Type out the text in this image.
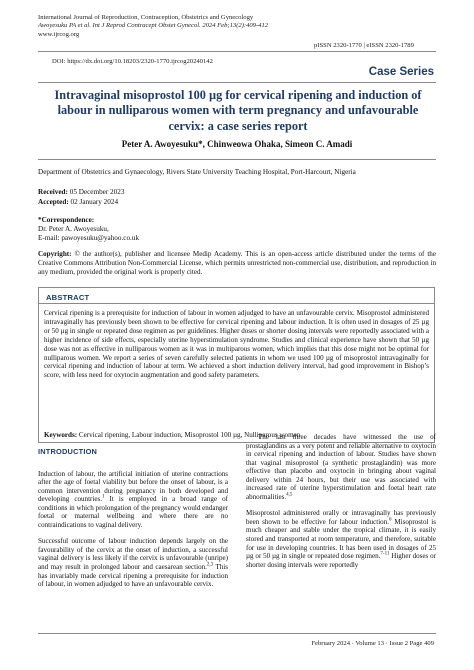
International Journal of Reproduction, Contraception, Obstetrics and Gynecology
Awoyesuku PA et al. Int J Reprod Contracept Obstet Gynecol. 2024 Feb;13(2):409-412
www.ijrcog.org
pISSN 2320-1770 | eISSN 2320-1789
DOI: https://dx.doi.org/10.18203/2320-1770.ijrcog20240142
Case Series
Intravaginal misoprostol 100 µg for cervical ripening and induction of labour in nulliparous women with term pregnancy and unfavourable cervix: a case series report
Peter A. Awoyesuku*, Chinweowa Ohaka, Simeon C. Amadi
Department of Obstetrics and Gynaecology, Rivers State University Teaching Hospital, Port-Harcourt, Nigeria
Received: 05 December 2023
Accepted: 02 January 2024
*Correspondence:
Dr. Peter A. Awoyesuku,
E-mail: pawoyesuku@yahoo.co.uk
Copyright: © the author(s), publisher and licensee Medip Academy. This is an open-access article distributed under the terms of the Creative Commons Attribution Non-Commercial License, which permits unrestricted non-commercial use, distribution, and reproduction in any medium, provided the original work is properly cited.
ABSTRACT
Cervical ripening is a prerequisite for induction of labour in women adjudged to have an unfavourable cervix. Misoprostol administered intravaginally has previously been shown to be effective for cervical ripening and labour induction. It is often used in dosages of 25 µg or 50 µg in single or repeated dose regimen as per guidelines. Higher doses or shorter dosing intervals were reportedly associated with a higher incidence of side effects, especially uterine hyperstimulation syndrome. Studies and clinical experience have shown that 50 µg dose was not as effective in nulliparous women as it was in multiparous women, which implies that this dose might not be optimal for nulliparous women. We report a series of seven carefully selected patients in whom we used 100 µg of misoprostol intravaginally for cervical ripening and induction of labour at term. We achieved a short induction delivery interval, had good improvement in Bishop’s score, with less need for oxytocin augmentation and good safety parameters.
Keywords: Cervical ripening, Labour induction, Misoprostol 100 µg, Nulliparous women
INTRODUCTION

Induction of labour, the artificial initiation of uterine contractions after the age of foetal viability but before the onset of labour, is a common intervention during pregnancy in both developed and developing countries.$^1$ It is employed in a broad range of conditions in which prolongation of the pregnancy would endanger foetal or maternal wellbeing and where there are no contraindications to vaginal delivery.

Successful outcome of labour induction depends largely on the favourability of the cervix at the onset of induction, a successful vaginal delivery is less likely if the cervix is unfavourable (unripe) and may result in prolonged labour and caesarean section.$^{2,3}$ This has invariably made cervical ripening a prerequisite for induction of labour, in women adjudged to have an unfavourable cervix.

The last three decades have witnessed the use of prostaglandins as a very potent and reliable alternative to oxytocin in cervical ripening and induction of labour. Studies have shown that vaginal misoprostol (a synthetic prostaglandin) was more effective than placebo and oxytocin in bringing about vaginal delivery within 24 hours, but their use was associated with increased rate of uterine hyperstimulation and foetal heart rate abnormalities.$^{4,5}$

Misoprostol administered orally or intravaginally has previously been shown to be effective for labour induction.$^6$ Misoprostol is much cheaper and stable under the tropical climate, it is easily stored and transported at room temperature, and therefore, suitable for use in developing countries. It has been used in dosages of 25 µg or 50 µg in single or repeated dose regimen.$^{7-11}$ Higher doses or shorter dosing intervals were reportedly

February 2024 · Volume 13 · Issue 2 Page 409
